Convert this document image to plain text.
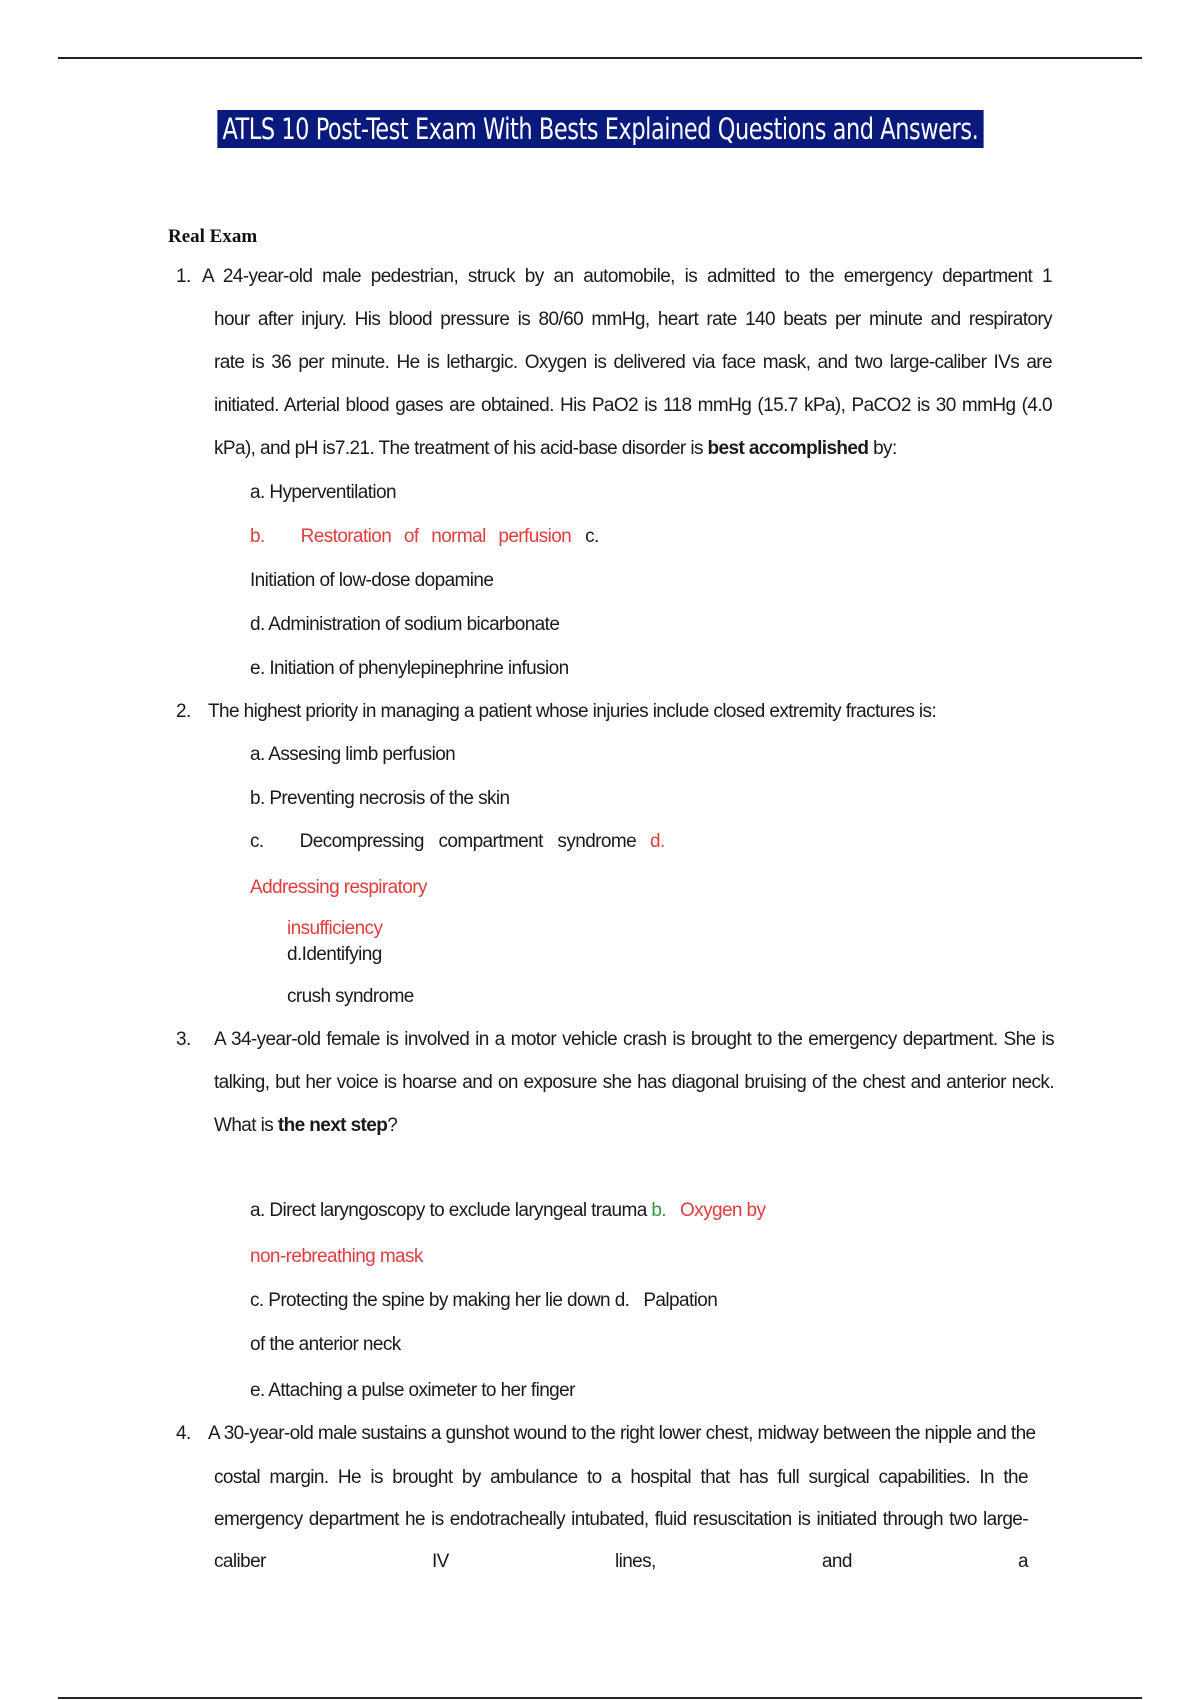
ATLS 10 Post-Test Exam With Bests Explained Questions and Answers.
Real Exam
1. A 24-year-old male pedestrian, struck by an automobile, is admitted to the emergency department 1
hour after injury. His blood pressure is 80/60 mmHg, heart rate 140 beats per minute and respiratory
rate is 36 per minute. He is lethargic. Oxygen is delivered via face mask, and two large-caliber IVs are
initiated. Arterial blood gases are obtained. His PaO2 is 118 mmHg (15.7 kPa), PaCO2 is 30 mmHg (4.0
kPa), and pH is7.21. The treatment of his acid-base disorder is best accomplished by:
a. Hyperventilation
b. Restoration of normal perfusion c.
Initiation of low-dose dopamine
d. Administration of sodium bicarbonate
e. Initiation of phenylepinephrine infusion
2. The highest priority in managing a patient whose injuries include closed extremity fractures is:
a. Assesing limb perfusion
b. Preventing necrosis of the skin
c. Decompressing compartment syndrome d.
Addressing respiratory
insufficiency
d.Identifying
crush syndrome
3. A 34-year-old female is involved in a motor vehicle crash is brought to the emergency department. She is
talking, but her voice is hoarse and on exposure she has diagonal bruising of the chest and anterior neck.
What is the next step?
a. Direct laryngoscopy to exclude laryngeal trauma b. Oxygen by
non-rebreathing mask
c. Protecting the spine by making her lie down d. Palpation
of the anterior neck
e. Attaching a pulse oximeter to her finger
4. A 30-year-old male sustains a gunshot wound to the right lower chest, midway between the nipple and the
costal margin. He is brought by ambulance to a hospital that has full surgical capabilities. In the
emergency department he is endotracheally intubated, fluid resuscitation is initiated through two large-
caliber	IV	lines,	and	a
